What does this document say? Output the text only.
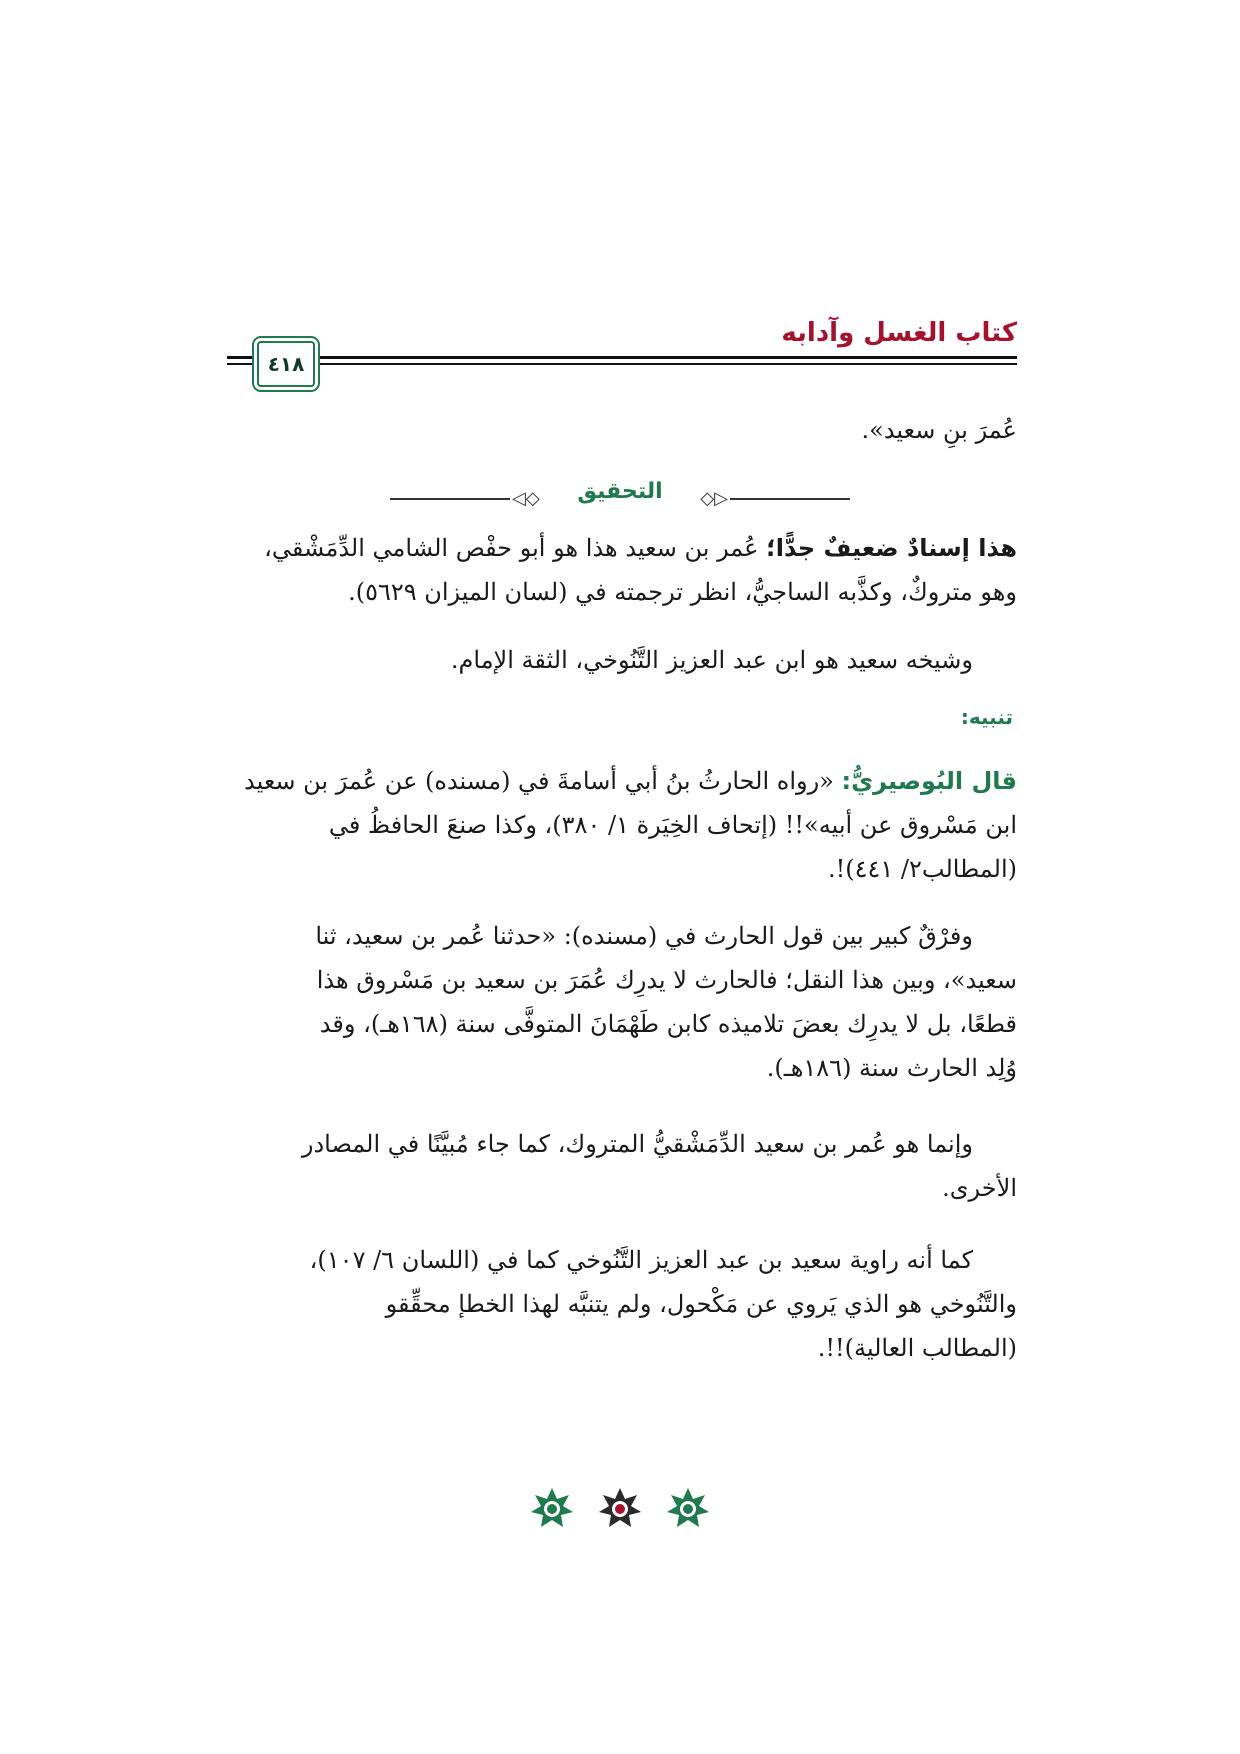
كتاب الغسل وآدابه
٤١٨
عُمرَ بنِ سعيد».
◁◇	التحقيق	◇▷
هذا إسنادٌ ضعيفٌ جدًّا؛ عُمر بن سعيد هذا هو أبو حفْص الشامي الدِّمَشْقي،
وهو متروكٌ، وكذَّبه الساجيُّ، انظر ترجمته في (لسان الميزان ٥٦٢٩).
وشيخه سعيد هو ابن عبد العزيز التَّنُوخي، الثقة الإمام.
تنبيه:
قال البُوصيريُّ: «رواه الحارثُ بنُ أبي أسامةَ في (مسنده) عن عُمرَ بن سعيد
ابن مَسْروق عن أبيه»!! (إتحاف الخِيَرة ١/ ٣٨٠)، وكذا صنعَ الحافظُ في
(المطالب٢/ ٤٤١)!.
وفرْقٌ كبير بين قول الحارث في (مسنده): «حدثنا عُمر بن سعيد، ثنا
سعيد»، وبين هذا النقل؛ فالحارث لا يدرِك عُمَرَ بن سعيد بن مَسْروق هذا
قطعًا، بل لا يدرِك بعضَ تلاميذه كابن طَهْمَانَ المتوفَّى سنة (١٦٨هـ)، وقد
وُلِد الحارث سنة (١٨٦هـ).
وإنما هو عُمر بن سعيد الدِّمَشْقيُّ المتروك، كما جاء مُبيَّنًا في المصادر
الأخرى.
كما أنه راوية سعيد بن عبد العزيز التَّنُوخي كما في (اللسان ٦/ ١٠٧)،
والتَّنُوخي هو الذي يَروي عن مَكْحول، ولم يتنبَّه لهذا الخطإ محقِّقو
(المطالب العالية)!!.
